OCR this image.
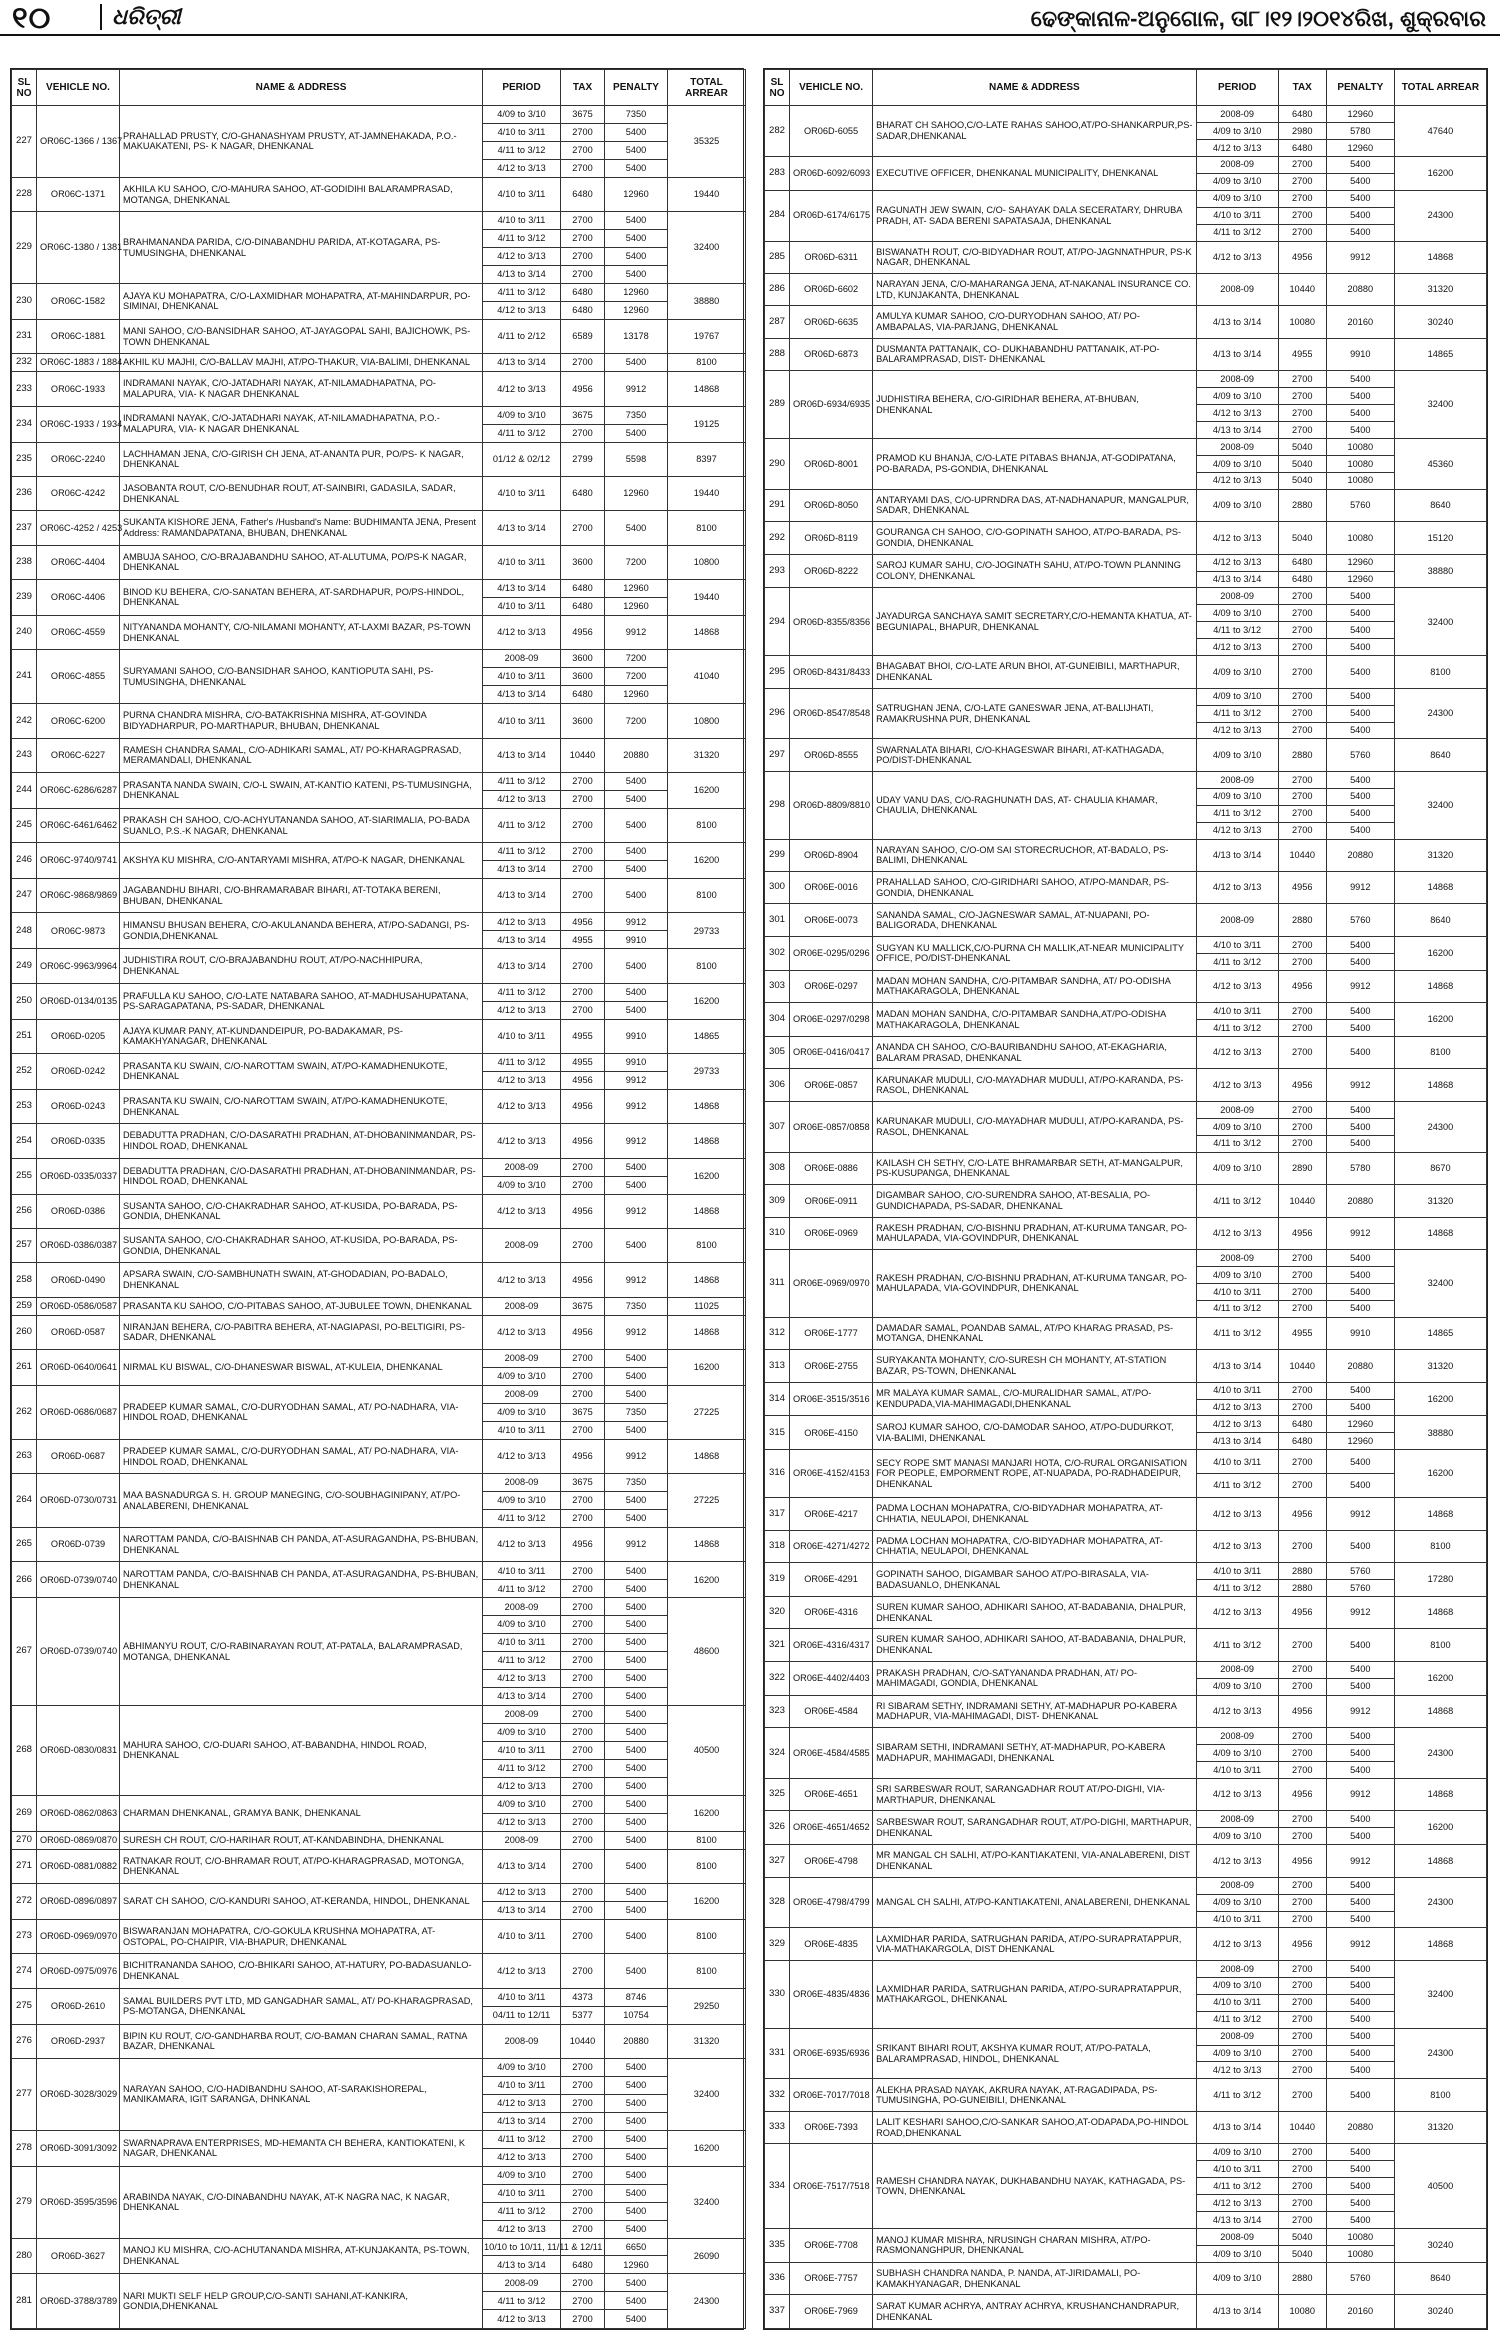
୧୦	ଧରିତ୍ରୀ	ଢେଙ୍କାନାଳ-ଅନୁଗୋଳ, ତା୮।୧୨।୨୦୧୪ରିଖ, ଶୁକ୍ରବାର
SL NO	VEHICLE NO.	NAME & ADDRESS	PERIOD	TAX	PENALTY	TOTAL ARREAR
227	OR06C-1366 / 1367	PRAHALLAD PRUSTY, C/O-GHANASHYAM PRUSTY, AT-JAMNEHAKADA, P.O.-MAKUAKATENI, PS- K NAGAR, DHENKANAL	4/09 to 3/10	3675	7350	35325
			4/10 to 3/11	2700	5400	
			4/11 to 3/12	2700	5400	
			4/12 to 3/13	2700	5400	
228	OR06C-1371	AKHILA KU SAHOO, C/O-MAHURA SAHOO, AT-GODIDIHI BALARAMPRASAD, MOTANGA, DHENKANAL	4/10 to 3/11	6480	12960	19440
229	OR06C-1380 / 1381	BRAHMANANDA PARIDA, C/O-DINABANDHU PARIDA, AT-KOTAGARA, PS-TUMUSINGHA, DHENKANAL	4/10 to 3/11	2700	5400	32400
			4/11 to 3/12	2700	5400	
			4/12 to 3/13	2700	5400	
			4/13 to 3/14	2700	5400	
230	OR06C-1582	AJAYA KU MOHAPATRA, C/O-LAXMIDHAR MOHAPATRA, AT-MAHINDARPUR, PO-SIMINAI, DHENKANAL	4/11 to 3/12	6480	12960	38880
			4/12 to 3/13	6480	12960	
231	OR06C-1881	MANI SAHOO, C/O-BANSIDHAR SAHOO, AT-JAYAGOPAL SAHI, BAJICHOWK, PS-TOWN DHENKANAL	4/11 to 2/12	6589	13178	19767
232	OR06C-1883 / 1884	AKHIL KU MAJHI, C/O-BALLAV MAJHI, AT/PO-THAKUR, VIA-BALIMI, DHENKANAL	4/13 to 3/14	2700	5400	8100
233	OR06C-1933	INDRAMANI NAYAK, C/O-JATADHARI NAYAK, AT-NILAMADHAPATNA, PO-MALAPURA, VIA- K NAGAR DHENKANAL	4/12 to 3/13	4956	9912	14868
234	OR06C-1933 / 1934	INDRAMANI NAYAK, C/O-JATADHARI NAYAK, AT-NILAMADHAPATNA, P.O.-MALAPURA, VIA- K NAGAR DHENKANAL	4/09 to 3/10	3675	7350	19125
			4/11 to 3/12	2700	5400	
235	OR06C-2240	LACHHAMAN JENA, C/O-GIRISH CH JENA, AT-ANANTA PUR, PO/PS- K NAGAR, DHENKANAL	01/12 & 02/12	2799	5598	8397
236	OR06C-4242	JASOBANTA ROUT, C/O-BENUDHAR ROUT, AT-SAINBIRI, GADASILA, SADAR, DHENKANAL	4/10 to 3/11	6480	12960	19440
237	OR06C-4252 / 4253	SUKANTA KISHORE JENA, Father's /Husband's Name: BUDHIMANTA JENA, Present Address: RAMANDAPATANA, BHUBAN, DHENKANAL	4/13 to 3/14	2700	5400	8100
238	OR06C-4404	AMBUJA SAHOO, C/O-BRAJABANDHU SAHOO, AT-ALUTUMA, PO/PS-K NAGAR, DHENKANAL	4/10 to 3/11	3600	7200	10800
239	OR06C-4406	BINOD KU BEHERA, C/O-SANATAN BEHERA, AT-SARDHAPUR, PO/PS-HINDOL, DHENKANAL	4/13 to 3/14	6480	12960	19440
			4/10 to 3/11	6480	12960	
240	OR06C-4559	NITYANANDA MOHANTY, C/O-NILAMANI MOHANTY, AT-LAXMI BAZAR, PS-TOWN DHENKANAL	4/12 to 3/13	4956	9912	14868
241	OR06C-4855	SURYAMANI SAHOO, C/O-BANSIDHAR SAHOO, KANTIOPUTA SAHI, PS-TUMUSINGHA, DHENKANAL	2008-09	3600	7200	41040
			4/10 to 3/11	3600	7200	
			4/13 to 3/14	6480	12960	
242	OR06C-6200	PURNA CHANDRA MISHRA, C/O-BATAKRISHNA MISHRA, AT-GOVINDA BIDYADHARPUR, PO-MARTHAPUR, BHUBAN, DHENKANAL	4/10 to 3/11	3600	7200	10800
243	OR06C-6227	RAMESH CHANDRA SAMAL, C/O-ADHIKARI SAMAL, AT/ PO-KHARAGPRASAD, MERAMANDALI, DHENKANAL	4/13 to 3/14	10440	20880	31320
244	OR06C-6286/6287	PRASANTA NANDA SWAIN, C/O-L SWAIN, AT-KANTIO KATENI, PS-TUMUSINGHA, DHENKANAL	4/11 to 3/12	2700	5400	16200
			4/12 to 3/13	2700	5400	
245	OR06C-6461/6462	PRAKASH CH SAHOO, C/O-ACHYUTANANDA SAHOO, AT-SIARIMALIA, PO-BADA SUANLO, P.S.-K NAGAR, DHENKANAL	4/11 to 3/12	2700	5400	8100
246	OR06C-9740/9741	AKSHYA KU MISHRA, C/O-ANTARYAMI MISHRA, AT/PO-K NAGAR, DHENKANAL	4/11 to 3/12	2700	5400	16200
			4/13 to 3/14	2700	5400	
247	OR06C-9868/9869	JAGABANDHU BIHARI, C/O-BHRAMARABAR BIHARI, AT-TOTAKA BERENI, BHUBAN, DHENKANAL	4/13 to 3/14	2700	5400	8100
248	OR06C-9873	HIMANSU BHUSAN BEHERA, C/O-AKULANANDA BEHERA, AT/PO-SADANGI, PS-GONDIA,DHENKANAL	4/12 to 3/13	4956	9912	29733
			4/13 to 3/14	4955	9910	
249	OR06C-9963/9964	JUDHISTIRA ROUT, C/O-BRAJABANDHU ROUT, AT/PO-NACHHIPURA, DHENKANAL	4/13 to 3/14	2700	5400	8100
250	OR06D-0134/0135	PRAFULLA KU SAHOO, C/O-LATE NATABARA SAHOO, AT-MADHUSAHUPATANA, PS-SARAGAPATANA, PS-SADAR, DHENKANAL	4/11 to 3/12	2700	5400	16200
			4/12 to 3/13	2700	5400	
251	OR06D-0205	AJAYA KUMAR PANY, AT-KUNDANDEIPUR, PO-BADAKAMAR, PS-KAMAKHYANAGAR, DHENKANAL	4/10 to 3/11	4955	9910	14865
252	OR06D-0242	PRASANTA KU SWAIN, C/O-NAROTTAM SWAIN, AT/PO-KAMADHENUKOTE, DHENKANAL	4/11 to 3/12	4955	9910	29733
			4/12 to 3/13	4956	9912	
253	OR06D-0243	PRASANTA KU SWAIN, C/O-NAROTTAM SWAIN, AT/PO-KAMADHENUKOTE, DHENKANAL	4/12 to 3/13	4956	9912	14868
254	OR06D-0335	DEBADUTTA PRADHAN, C/O-DASARATHI PRADHAN, AT-DHOBANINMANDAR, PS-HINDOL ROAD, DHENKANAL	4/12 to 3/13	4956	9912	14868
255	OR06D-0335/0337	DEBADUTTA PRADHAN, C/O-DASARATHI PRADHAN, AT-DHOBANINMANDAR, PS-HINDOL ROAD, DHENKANAL	2008-09	2700	5400	16200
			4/09 to 3/10	2700	5400	
256	OR06D-0386	SUSANTA SAHOO, C/O-CHAKRADHAR SAHOO, AT-KUSIDA, PO-BARADA, PS-GONDIA, DHENKANAL	4/12 to 3/13	4956	9912	14868
257	OR06D-0386/0387	SUSANTA SAHOO, C/O-CHAKRADHAR SAHOO, AT-KUSIDA, PO-BARADA, PS-GONDIA, DHENKANAL	2008-09	2700	5400	8100
258	OR06D-0490	APSARA SWAIN, C/O-SAMBHUNATH SWAIN, AT-GHODADIAN, PO-BADALO, DHENKANAL	4/12 to 3/13	4956	9912	14868
259	OR06D-0586/0587	PRASANTA KU SAHOO, C/O-PITABAS SAHOO, AT-JUBULEE TOWN, DHENKANAL	2008-09	3675	7350	11025
260	OR06D-0587	NIRANJAN BEHERA, C/O-PABITRA BEHERA, AT-NAGIAPASI, PO-BELTIGIRI, PS-SADAR, DHENKANAL	4/12 to 3/13	4956	9912	14868
261	OR06D-0640/0641	NIRMAL KU BISWAL, C/O-DHANESWAR BISWAL, AT-KULEIA, DHENKANAL	2008-09	2700	5400	16200
			4/09 to 3/10	2700	5400	
262	OR06D-0686/0687	PRADEEP KUMAR SAMAL, C/O-DURYODHAN SAMAL, AT/ PO-NADHARA, VIA-HINDOL ROAD, DHENKANAL	2008-09	2700	5400	27225
			4/09 to 3/10	3675	7350	
			4/10 to 3/11	2700	5400	
263	OR06D-0687	PRADEEP KUMAR SAMAL, C/O-DURYODHAN SAMAL, AT/ PO-NADHARA, VIA-HINDOL ROAD, DHENKANAL	4/12 to 3/13	4956	9912	14868
264	OR06D-0730/0731	MAA BASNADURGA S. H. GROUP MANEGING, C/O-SOUBHAGINIPANY, AT/PO-ANALABERENI, DHENKANAL	2008-09	3675	7350	27225
			4/09 to 3/10	2700	5400	
			4/11 to 3/12	2700	5400	
265	OR06D-0739	NAROTTAM PANDA, C/O-BAISHNAB CH PANDA, AT-ASURAGANDHA, PS-BHUBAN, DHENKANAL	4/12 to 3/13	4956	9912	14868
266	OR06D-0739/0740	NAROTTAM PANDA, C/O-BAISHNAB CH PANDA, AT-ASURAGANDHA, PS-BHUBAN, DHENKANAL	4/10 to 3/11	2700	5400	16200
			4/11 to 3/12	2700	5400	
267	OR06D-0739/0740	ABHIMANYU ROUT, C/O-RABINARAYAN ROUT, AT-PATALA, BALARAMPRASAD, MOTANGA, DHENKANAL	2008-09	2700	5400	48600
			4/09 to 3/10	2700	5400	
			4/10 to 3/11	2700	5400	
			4/11 to 3/12	2700	5400	
			4/12 to 3/13	2700	5400	
			4/13 to 3/14	2700	5400	
268	OR06D-0830/0831	MAHURA SAHOO, C/O-DUARI SAHOO, AT-BABANDHA, HINDOL ROAD, DHENKANAL	2008-09	2700	5400	40500
			4/09 to 3/10	2700	5400	
			4/10 to 3/11	2700	5400	
			4/11 to 3/12	2700	5400	
			4/12 to 3/13	2700	5400	
269	OR06D-0862/0863	CHARMAN DHENKANAL, GRAMYA BANK, DHENKANAL	4/09 to 3/10	2700	5400	16200
			4/12 to 3/13	2700	5400	
270	OR06D-0869/0870	SURESH CH ROUT, C/O-HARIHAR ROUT, AT-KANDABINDHA, DHENKANAL	2008-09	2700	5400	8100
271	OR06D-0881/0882	RATNAKAR ROUT, C/O-BHRAMAR ROUT, AT/PO-KHARAGPRASAD, MOTONGA, DHENKANAL	4/13 to 3/14	2700	5400	8100
272	OR06D-0896/0897	SARAT CH SAHOO, C/O-KANDURI SAHOO, AT-KERANDA, HINDOL, DHENKANAL	4/12 to 3/13	2700	5400	16200
			4/13 to 3/14	2700	5400	
273	OR06D-0969/0970	BISWARANJAN MOHAPATRA, C/O-GOKULA KRUSHNA MOHAPATRA, AT-OSTOPAL, PO-CHAIPIR, VIA-BHAPUR, DHENKANAL	4/10 to 3/11	2700	5400	8100
274	OR06D-0975/0976	BICHITRANANDA SAHOO, C/O-BHIKARI SAHOO, AT-HATURY, PO-BADASUANLO-DHENKANAL	4/12 to 3/13	2700	5400	8100
275	OR06D-2610	SAMAL BUILDERS PVT LTD, MD GANGADHAR SAMAL, AT/ PO-KHARAGPRASAD, PS-MOTANGA, DHENKANAL	4/10 to 3/11	4373	8746	29250
			04/11 to 12/11	5377	10754	
276	OR06D-2937	BIPIN KU ROUT, C/O-GANDHARBA ROUT, C/O-BAMAN CHARAN SAMAL, RATNA BAZAR, DHENKANAL	2008-09	10440	20880	31320
277	OR06D-3028/3029	NARAYAN SAHOO, C/O-HADIBANDHU SAHOO, AT-SARAKISHOREPAL, MANIKAMARA, IGIT SARANGA, DHNKANAL	4/09 to 3/10	2700	5400	32400
			4/10 to 3/11	2700	5400	
			4/12 to 3/13	2700	5400	
			4/13 to 3/14	2700	5400	
278	OR06D-3091/3092	SWARNAPRAVA ENTERPRISES, MD-HEMANTA CH BEHERA, KANTIOKATENI, K NAGAR, DHENKANAL	4/11 to 3/12	2700	5400	16200
			4/12 to 3/13	2700	5400	
279	OR06D-3595/3596	ARABINDA NAYAK, C/O-DINABANDHU NAYAK, AT-K NAGRA NAC, K NAGAR, DHENKANAL	4/09 to 3/10	2700	5400	32400
			4/10 to 3/11	2700	5400	
			4/11 to 3/12	2700	5400	
			4/12 to 3/13	2700	5400	
280	OR06D-3627	MANOJ KU MISHRA, C/O-ACHUTANANDA MISHRA, AT-KUNJAKANTA, PS-TOWN, DHENKANAL	10/10 to 10/11, 11/11 & 12/11		6650	26090
			4/13 to 3/14	6480	12960	
281	OR06D-3788/3789	NARI MUKTI SELF HELP GROUP,C/O-SANTI SAHANI,AT-KANKIRA, GONDIA,DHENKANAL	2008-09	2700	5400	24300
			4/11 to 3/12	2700	5400	
			4/12 to 3/13	2700	5400	
SL NO	VEHICLE NO.	NAME & ADDRESS	PERIOD	TAX	PENALTY	TOTAL ARREAR
282	OR06D-6055	BHARAT CH SAHOO,C/O-LATE RAHAS SAHOO,AT/PO-SHANKARPUR,PS-SADAR,DHENKANAL	2008-09	6480	12960	47640
			4/09 to 3/10	2980	5780	
			4/12 to 3/13	6480	12960	
283	OR06D-6092/6093	EXECUTIVE OFFICER, DHENKANAL MUNICIPALITY, DHENKANAL	2008-09	2700	5400	16200
			4/09 to 3/10	2700	5400	
284	OR06D-6174/6175	RAGUNATH JEW SWAIN, C/O- SAHAYAK DALA SECERATARY, DHRUBA PRADH, AT- SADA BERENI SAPATASAJA, DHENKANAL	4/09 to 3/10	2700	5400	24300
			4/10 to 3/11	2700	5400	
			4/11 to 3/12	2700	5400	
285	OR06D-6311	BISWANATH ROUT, C/O-BIDYADHAR ROUT, AT/PO-JAGNNATHPUR, PS-K NAGAR, DHENKANAL	4/12 to 3/13	4956	9912	14868
286	OR06D-6602	NARAYAN JENA, C/O-MAHARANGA JENA, AT-NAKANAL INSURANCE CO. LTD, KUNJAKANTA, DHENKANAL	2008-09	10440	20880	31320
287	OR06D-6635	AMULYA KUMAR SAHOO, C/O-DURYODHAN SAHOO, AT/ PO-AMBAPALAS, VIA-PARJANG, DHENKANAL	4/13 to 3/14	10080	20160	30240
288	OR06D-6873	DUSMANTA PATTANAIK, CO- DUKHABANDHU PATTANAIK, AT-PO- BALARAMPRASAD, DIST- DHENKANAL	4/13 to 3/14	4955	9910	14865
289	OR06D-6934/6935	JUDHISTIRA BEHERA, C/O-GIRIDHAR BEHERA, AT-BHUBAN, DHENKANAL	2008-09	2700	5400	32400
			4/09 to 3/10	2700	5400	
			4/12 to 3/13	2700	5400	
			4/13 to 3/14	2700	5400	
290	OR06D-8001	PRAMOD KU BHANJA, C/O-LATE PITABAS BHANJA, AT-GODIPATANA, PO-BARADA, PS-GONDIA, DHENKANAL	2008-09	5040	10080	45360
			4/09 to 3/10	5040	10080	
			4/12 to 3/13	5040	10080	
291	OR06D-8050	ANTARYAMI DAS, C/O-UPRNDRA DAS, AT-NADHANAPUR, MANGALPUR, SADAR, DHENKANAL	4/09 to 3/10	2880	5760	8640
292	OR06D-8119	GOURANGA CH SAHOO, C/O-GOPINATH SAHOO, AT/PO-BARADA, PS-GONDIA, DHENKANAL	4/12 to 3/13	5040	10080	15120
293	OR06D-8222	SAROJ KUMAR SAHU, C/O-JOGINATH SAHU, AT/PO-TOWN PLANNING COLONY, DHENKANAL	4/12 to 3/13	6480	12960	38880
			4/13 to 3/14	6480	12960	
294	OR06D-8355/8356	JAYADURGA SANCHAYA SAMIT SECRETARY,C/O-HEMANTA KHATUA, AT-BEGUNIAPAL, BHAPUR, DHENKANAL	2008-09	2700	5400	32400
			4/09 to 3/10	2700	5400	
			4/11 to 3/12	2700	5400	
			4/12 to 3/13	2700	5400	
295	OR06D-8431/8433	BHAGABAT BHOI, C/O-LATE ARUN BHOI, AT-GUNEIBILI, MARTHAPUR, DHENKANAL	4/09 to 3/10	2700	5400	8100
296	OR06D-8547/8548	SATRUGHAN JENA, C/O-LATE GANESWAR JENA, AT-BALIJHATI, RAMAKRUSHNA PUR, DHENKANAL	4/09 to 3/10	2700	5400	24300
			4/11 to 3/12	2700	5400	
			4/12 to 3/13	2700	5400	
297	OR06D-8555	SWARNALATA BIHARI, C/O-KHAGESWAR BIHARI, AT-KATHAGADA, PO/DIST-DHENKANAL	4/09 to 3/10	2880	5760	8640
298	OR06D-8809/8810	UDAY VANU DAS, C/O-RAGHUNATH DAS, AT- CHAULIA KHAMAR, CHAULIA, DHENKANAL	2008-09	2700	5400	32400
			4/09 to 3/10	2700	5400	
			4/11 to 3/12	2700	5400	
			4/12 to 3/13	2700	5400	
299	OR06D-8904	NARAYAN SAHOO, C/O-OM SAI STORECRUCHOR, AT-BADALO, PS-BALIMI, DHENKANAL	4/13 to 3/14	10440	20880	31320
300	OR06E-0016	PRAHALLAD SAHOO, C/O-GIRIDHARI SAHOO, AT/PO-MANDAR, PS-GONDIA, DHENKANAL	4/12 to 3/13	4956	9912	14868
301	OR06E-0073	SANANDA SAMAL, C/O-JAGNESWAR SAMAL, AT-NUAPANI, PO-BALIGORADA, DHENKANAL	2008-09	2880	5760	8640
302	OR06E-0295/0296	SUGYAN KU MALLICK,C/O-PURNA CH MALLIK,AT-NEAR MUNICIPALITY OFFICE, PO/DIST-DHENKANAL	4/10 to 3/11	2700	5400	16200
			4/11 to 3/12	2700	5400	
303	OR06E-0297	MADAN MOHAN SANDHA, C/O-PITAMBAR SANDHA, AT/ PO-ODISHA MATHAKARAGOLA, DHENKANAL	4/12 to 3/13	4956	9912	14868
304	OR06E-0297/0298	MADAN MOHAN SANDHA, C/O-PITAMBAR SANDHA,AT/PO-ODISHA MATHAKARAGOLA, DHENKANAL	4/10 to 3/11	2700	5400	16200
			4/11 to 3/12	2700	5400	
305	OR06E-0416/0417	ANANDA CH SAHOO, C/O-BAURIBANDHU SAHOO, AT-EKAGHARIA, BALARAM PRASAD, DHENKANAL	4/12 to 3/13	2700	5400	8100
306	OR06E-0857	KARUNAKAR MUDULI, C/O-MAYADHAR MUDULI, AT/PO-KARANDA, PS-RASOL, DHENKANAL	4/12 to 3/13	4956	9912	14868
307	OR06E-0857/0858	KARUNAKAR MUDULI, C/O-MAYADHAR MUDULI, AT/PO-KARANDA, PS-RASOL, DHENKANAL	2008-09	2700	5400	24300
			4/09 to 3/10	2700	5400	
			4/11 to 3/12	2700	5400	
308	OR06E-0886	KAILASH CH SETHY, C/O-LATE BHRAMARBAR SETH, AT-MANGALPUR, PS-KUSUPANGA, DHENKANAL	4/09 to 3/10	2890	5780	8670
309	OR06E-0911	DIGAMBAR SAHOO, C/O-SURENDRA SAHOO, AT-BESALIA, PO-GUNDICHAPADA, PS-SADAR, DHENKANAL	4/11 to 3/12	10440	20880	31320
310	OR06E-0969	RAKESH PRADHAN, C/O-BISHNU PRADHAN, AT-KURUMA TANGAR, PO-MAHULAPADA, VIA-GOVINDPUR, DHENKANAL	4/12 to 3/13	4956	9912	14868
311	OR06E-0969/0970	RAKESH PRADHAN, C/O-BISHNU PRADHAN, AT-KURUMA TANGAR, PO-MAHULAPADA, VIA-GOVINDPUR, DHENKANAL	2008-09	2700	5400	32400
			4/09 to 3/10	2700	5400	
			4/10 to 3/11	2700	5400	
			4/11 to 3/12	2700	5400	
312	OR06E-1777	DAMADAR SAMAL, POANDAB SAMAL, AT/PO KHARAG PRASAD, PS- MOTANGA, DHENKANAL	4/11 to 3/12	4955	9910	14865
313	OR06E-2755	SURYAKANTA MOHANTY, C/O-SURESH CH MOHANTY, AT-STATION BAZAR, PS-TOWN, DHENKANAL	4/13 to 3/14	10440	20880	31320
314	OR06E-3515/3516	MR MALAYA KUMAR SAMAL, C/O-MURALIDHAR SAMAL, AT/PO-KENDUPADA,VIA-MAHIMAGADI,DHENKANAL	4/10 to 3/11	2700	5400	16200
			4/12 to 3/13	2700	5400	
315	OR06E-4150	SAROJ KUMAR SAHOO, C/O-DAMODAR SAHOO, AT/PO-DUDURKOT, VIA-BALIMI, DHENKANAL	4/12 to 3/13	6480	12960	38880
			4/13 to 3/14	6480	12960	
316	OR06E-4152/4153	SECY ROPE SMT MANASI MANJARI HOTA, C/O-RURAL ORGANISATION FOR PEOPLE, EMPORMENT ROPE, AT-NUAPADA, PO-RADHADEIPUR, DHENKANAL	4/10 to 3/11	2700	5400	16200
			4/11 to 3/12	2700	5400	
317	OR06E-4217	PADMA LOCHAN MOHAPATRA, C/O-BIDYADHAR MOHAPATRA, AT-CHHATIA, NEULAPOI, DHENKANAL	4/12 to 3/13	4956	9912	14868
318	OR06E-4271/4272	PADMA LOCHAN MOHAPATRA, C/O-BIDYADHAR MOHAPATRA, AT-CHHATIA, NEULAPOI, DHENKANAL	4/12 to 3/13	2700	5400	8100
319	OR06E-4291	GOPINATH SAHOO, DIGAMBAR SAHOO AT/PO-BIRASALA, VIA-BADASUANLO, DHENKANAL	4/10 to 3/11	2880	5760	17280
			4/11 to 3/12	2880	5760	
320	OR06E-4316	SUREN KUMAR SAHOO, ADHIKARI SAHOO, AT-BADABANIA, DHALPUR, DHENKANAL	4/12 to 3/13	4956	9912	14868
321	OR06E-4316/4317	SUREN KUMAR SAHOO, ADHIKARI SAHOO, AT-BADABANIA, DHALPUR, DHENKANAL	4/11 to 3/12	2700	5400	8100
322	OR06E-4402/4403	PRAKASH PRADHAN, C/O-SATYANANDA PRADHAN, AT/ PO-MAHIMAGADI, GONDIA, DHENKANAL	2008-09	2700	5400	16200
			4/09 to 3/10	2700	5400	
323	OR06E-4584	RI SIBARAM SETHY, INDRAMANI SETHY, AT-MADHAPUR PO-KABERA MADHAPUR, VIA-MAHIMAGADI, DIST- DHENKANAL	4/12 to 3/13	4956	9912	14868
324	OR06E-4584/4585	SIBARAM SETHI, INDRAMANI SETHY, AT-MADHAPUR, PO-KABERA MADHAPUR, MAHIMAGADI, DHENKANAL	2008-09	2700	5400	24300
			4/09 to 3/10	2700	5400	
			4/10 to 3/11	2700	5400	
325	OR06E-4651	SRI SARBESWAR ROUT, SARANGADHAR ROUT AT/PO-DIGHI, VIA-MARTHAPUR, DHENKANAL	4/12 to 3/13	4956	9912	14868
326	OR06E-4651/4652	SARBESWAR ROUT, SARANGADHAR ROUT, AT/PO-DIGHI, MARTHAPUR, DHENKANAL	2008-09	2700	5400	16200
			4/09 to 3/10	2700	5400	
327	OR06E-4798	MR MANGAL CH SALHI, AT/PO-KANTIAKATENI, VIA-ANALABERENI, DIST DHENKANAL	4/12 to 3/13	4956	9912	14868
328	OR06E-4798/4799	MANGAL CH SALHI, AT/PO-KANTIAKATENI, ANALABERENI, DHENKANAL	2008-09	2700	5400	24300
			4/09 to 3/10	2700	5400	
			4/10 to 3/11	2700	5400	
329	OR06E-4835	LAXMIDHAR PARIDA, SATRUGHAN PARIDA, AT/PO-SURAPRATAPPUR, VIA-MATHAKARGOLA, DIST DHENKANAL	4/12 to 3/13	4956	9912	14868
330	OR06E-4835/4836	LAXMIDHAR PARIDA, SATRUGHAN PARIDA, AT/PO-SURAPRATAPPUR, MATHAKARGOL, DHENKANAL	2008-09	2700	5400	32400
			4/09 to 3/10	2700	5400	
			4/10 to 3/11	2700	5400	
			4/11 to 3/12	2700	5400	
331	OR06E-6935/6936	SRIKANT BIHARI ROUT, AKSHYA KUMAR ROUT, AT/PO-PATALA, BALARAMPRASAD, HINDOL, DHENKANAL	2008-09	2700	5400	24300
			4/09 to 3/10	2700	5400	
			4/12 to 3/13	2700	5400	
332	OR06E-7017/7018	ALEKHA PRASAD NAYAK, AKRURA NAYAK, AT-RAGADIPADA, PS-TUMUSINGHA, PO-GUNEIBILI, DHENKANAL	4/11 to 3/12	2700	5400	8100
333	OR06E-7393	LALIT KESHARI SAHOO,C/O-SANKAR SAHOO,AT-ODAPADA,PO-HINDOL ROAD,DHENKANAL	4/13 to 3/14	10440	20880	31320
334	OR06E-7517/7518	RAMESH CHANDRA NAYAK, DUKHABANDHU NAYAK, KATHAGADA, PS-TOWN, DHENKANAL	4/09 to 3/10	2700	5400	40500
			4/10 to 3/11	2700	5400	
			4/11 to 3/12	2700	5400	
			4/12 to 3/13	2700	5400	
			4/13 to 3/14	2700	5400	
335	OR06E-7708	MANOJ KUMAR MISHRA, NRUSINGH CHARAN MISHRA, AT/PO-RASMONANGHPUR, DHENKANAL	2008-09	5040	10080	30240
			4/09 to 3/10	5040	10080	
336	OR06E-7757	SUBHASH CHANDRA NANDA, P. NANDA, AT-JIRIDAMALI, PO-KAMAKHYANAGAR, DHENKANAL	4/09 to 3/10	2880	5760	8640
337	OR06E-7969	SARAT KUMAR ACHRYA, ANTRAY ACHRYA, KRUSHANCHANDRAPUR, DHENKANAL	4/13 to 3/14	10080	20160	30240
